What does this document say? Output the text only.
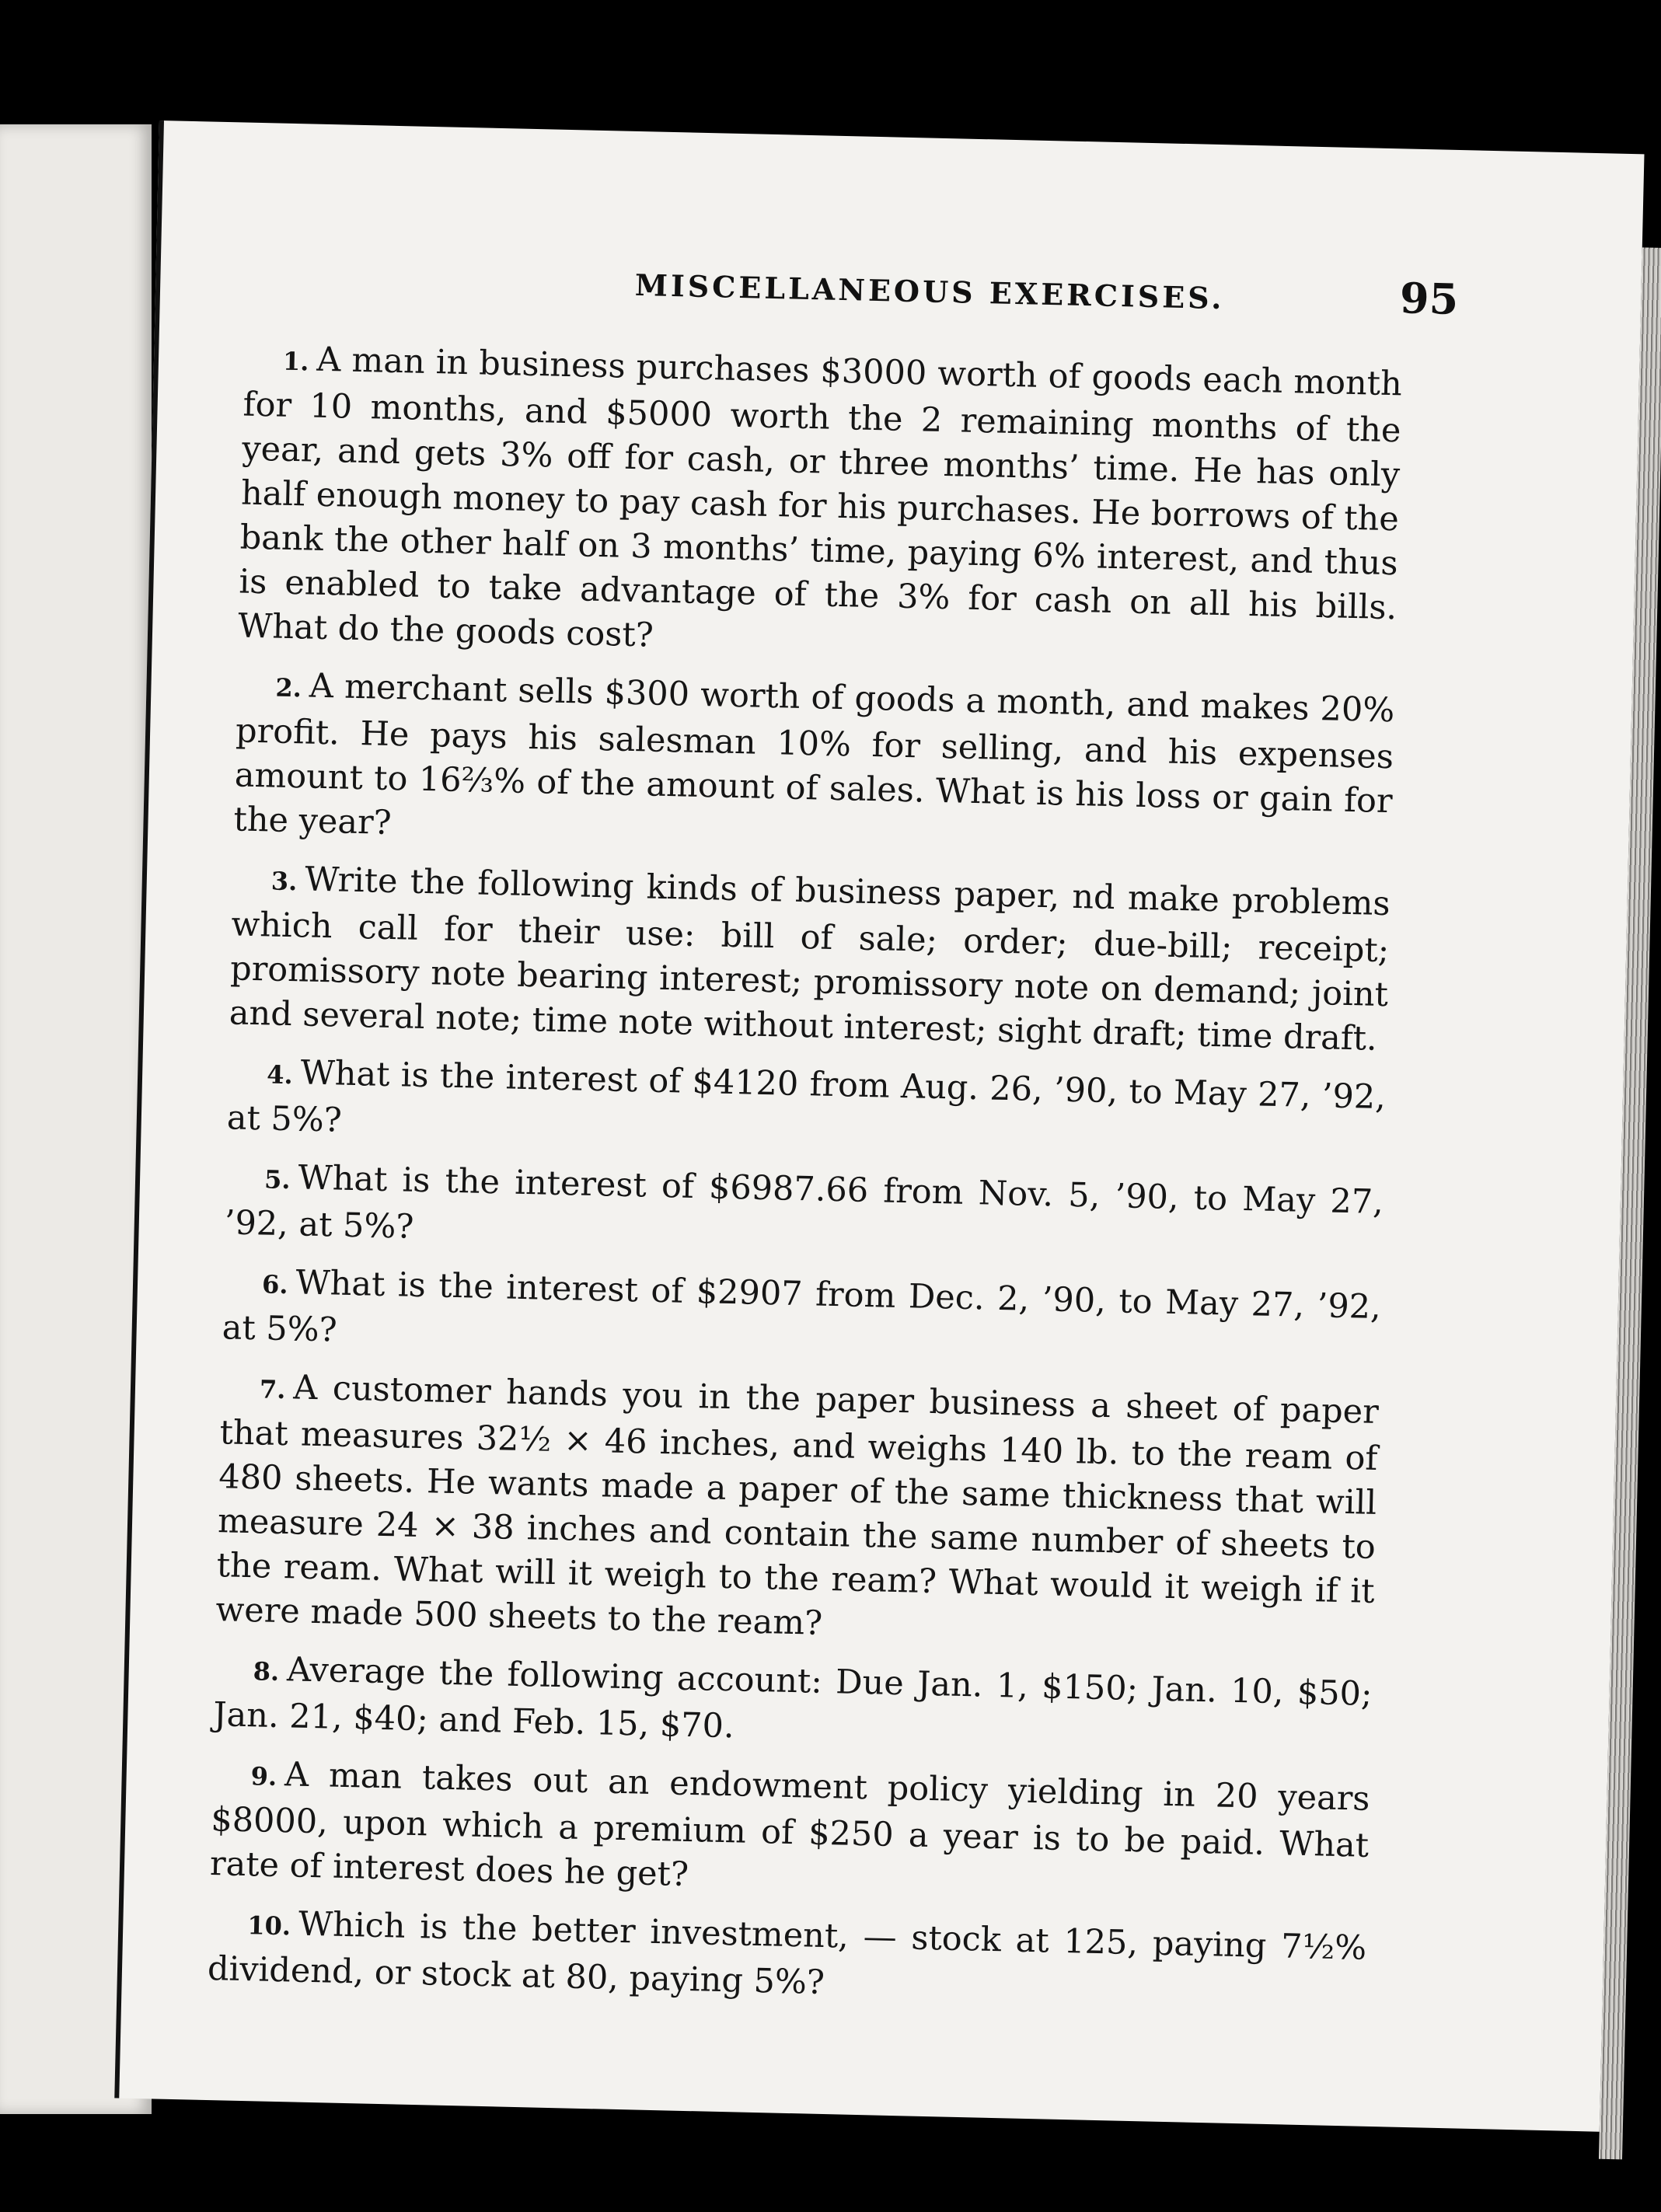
MISCELLANEOUS EXERCISES.	95

1. A man in business purchases $3000 worth of goods each month for 10 months, and $5000 worth the 2 remaining months of the year, and gets 3% off for cash, or three months’ time. He has only half enough money to pay cash for his purchases. He borrows of the bank the other half on 3 months’ time, paying 6% interest, and thus is enabled to take advantage of the 3% for cash on all his bills. What do the goods cost?

2. A merchant sells $300 worth of goods a month, and makes 20% profit. He pays his salesman 10% for selling, and his expenses amount to 16⅔% of the amount of sales. What is his loss or gain for the year?

3. Write the following kinds of business paper, nd make problems which call for their use: bill of sale; order; due-bill; receipt; promissory note bearing interest; promissory note on demand; joint and several note; time note without interest; sight draft; time draft.

4. What is the interest of $4120 from Aug. 26, ’90, to May 27, ’92, at 5%?

5. What is the interest of $6987.66 from Nov. 5, ’90, to May 27, ’92, at 5%?

6. What is the interest of $2907 from Dec. 2, ’90, to May 27, ’92, at 5%?

7. A customer hands you in the paper business a sheet of paper that measures 32½ × 46 inches, and weighs 140 lb. to the ream of 480 sheets. He wants made a paper of the same thickness that will measure 24 × 38 inches and contain the same number of sheets to the ream. What will it weigh to the ream? What would it weigh if it were made 500 sheets to the ream?

8. Average the following account: Due Jan. 1, $150; Jan. 10, $50; Jan. 21, $40; and Feb. 15, $70.

9. A man takes out an endowment policy yielding in 20 years $8000, upon which a premium of $250 a year is to be paid. What rate of interest does he get?

10. Which is the better investment, — stock at 125, paying 7½% dividend, or stock at 80, paying 5%?
